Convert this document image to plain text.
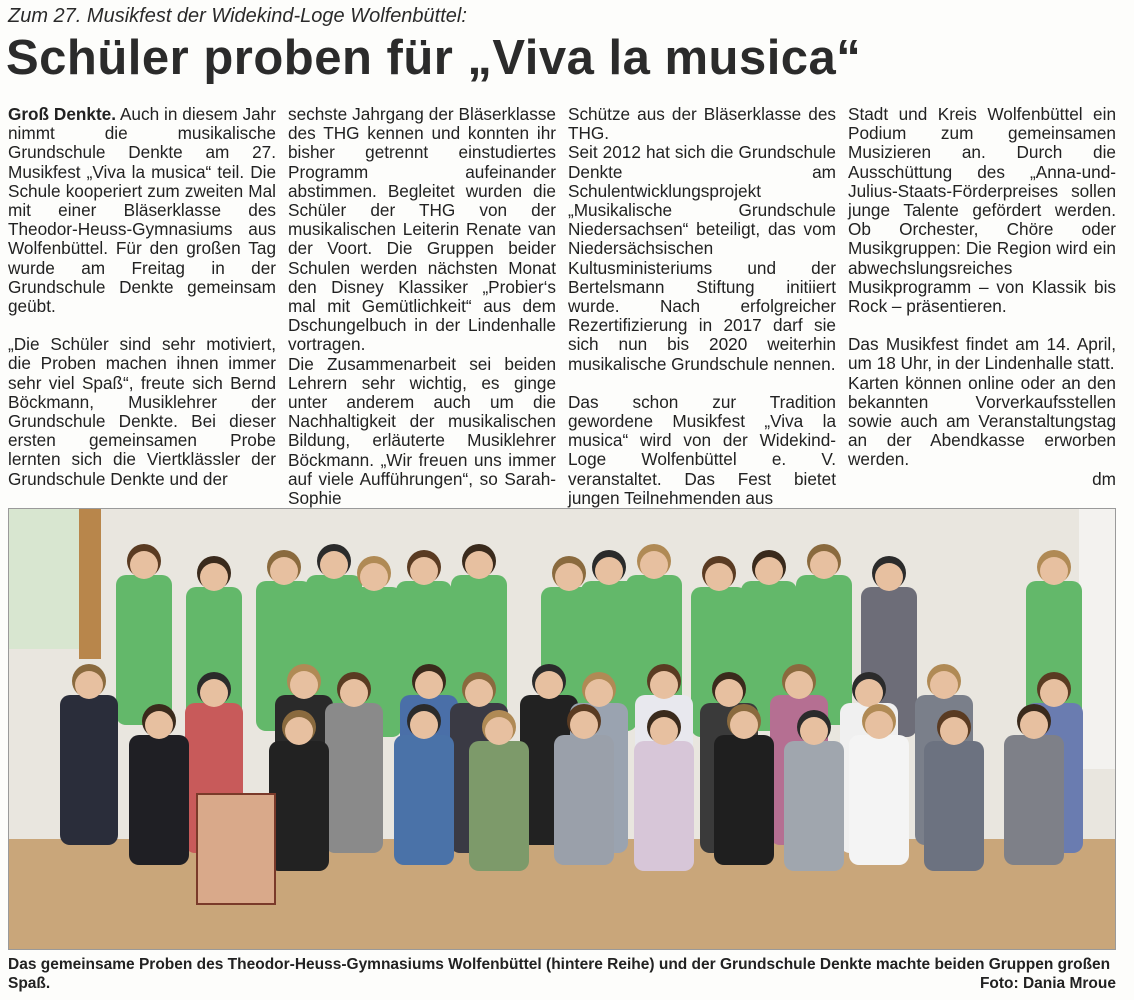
Zum 27. Musikfest der Widekind-Loge Wolfenbüttel:
Schüler proben für „Viva la musica“

Groß Denkte. Auch in diesem Jahr nimmt die musikalische Grundschule Denkte am 27. Musikfest „Viva la musica“ teil. Die Schule kooperiert zum zweiten Mal mit einer Bläserklasse des Theodor-Heuss-Gymnasiums aus Wolfenbüttel. Für den großen Tag wurde am Freitag in der Grundschule Denkte gemeinsam geübt.

„Die Schüler sind sehr motiviert, die Proben machen ihnen immer sehr viel Spaß“, freute sich Bernd Böckmann, Musiklehrer der Grundschule Denkte. Bei dieser ersten gemeinsamen Probe lernten sich die Viertklässler der Grundschule Denkte und der

sechste Jahrgang der Bläserklasse des THG kennen und konnten ihr bisher getrennt einstudiertes Programm aufeinander abstimmen. Begleitet wurden die Schüler der THG von der musikalischen Leiterin Renate van der Voort. Die Gruppen beider Schulen werden nächsten Monat den Disney Klassiker „Probier‘s mal mit Gemütlichkeit“ aus dem Dschungelbuch in der Lindenhalle vortragen.

Die Zusammenarbeit sei beiden Lehrern sehr wichtig, es ginge unter anderem auch um die Nachhaltigkeit der musikalischen Bildung, erläuterte Musiklehrer Böckmann. „Wir freuen uns immer auf viele Aufführungen“, so Sarah-Sophie

Schütze aus der Bläserklasse des THG.

Seit 2012 hat sich die Grundschule Denkte am Schulentwicklungsprojekt „Musikalische Grundschule Niedersachsen“ beteiligt, das vom Niedersächsischen Kultusministeriums und der Bertelsmann Stiftung initiiert wurde. Nach erfolgreicher Rezertifizierung in 2017 darf sie sich nun bis 2020 weiterhin musikalische Grundschule nennen.

Das schon zur Tradition gewordene Musikfest „Viva la musica“ wird von der Widekind-Loge Wolfenbüttel e. V. veranstaltet. Das Fest bietet jungen Teilnehmenden aus

Stadt und Kreis Wolfenbüttel ein Podium zum gemeinsamen Musizieren an. Durch die Ausschüttung des „Anna-und-Julius-Staats-Förderpreises sollen junge Talente gefördert werden. Ob Orchester, Chöre oder Musikgruppen: Die Region wird ein abwechslungsreiches Musikprogramm – von Klassik bis Rock – präsentieren.

Das Musikfest findet am 14. April, um 18 Uhr, in der Lindenhalle statt.

Karten können online oder an den bekannten Vorverkaufsstellen sowie auch am Veranstaltungstag an der Abendkasse erworben werden.

dm
Das gemeinsame Proben des Theodor-Heuss-Gymnasiums Wolfenbüttel (hintere Reihe) und der Grundschule Denkte machte beiden Gruppen großen Spaß.	Foto: Dania Mroue
